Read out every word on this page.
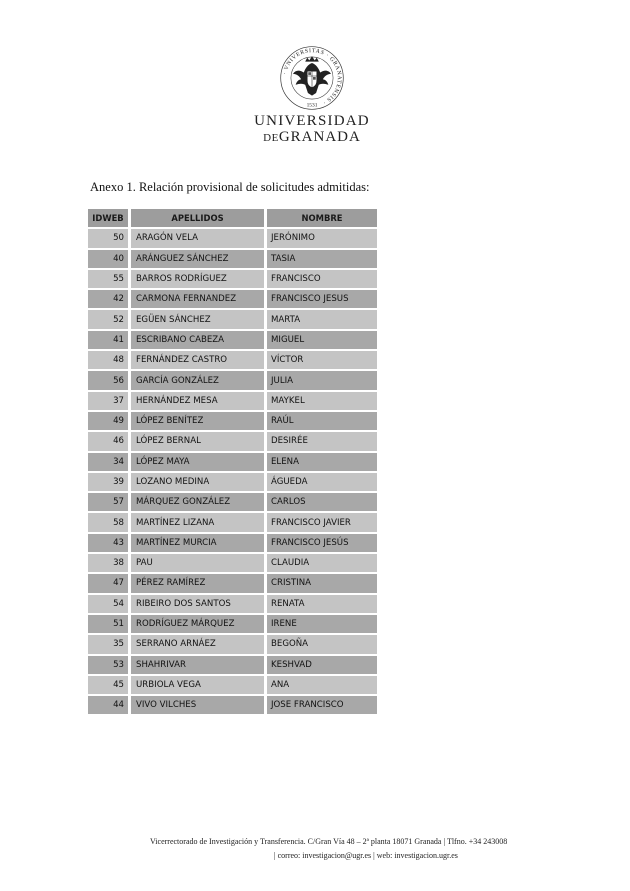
· VNIVERSITAS · GRANATENSIS ·
1531
UNIVERSIDAD
DEGRANADA
Anexo 1. Relación provisional de solicitudes admitidas:
IDWEB	APELLIDOS	NOMBRE
50	ARAGÓN VELA	JERÓNIMO
40	ARÁNGUEZ SÁNCHEZ	TASIA
55	BARROS RODRÍGUEZ	FRANCISCO
42	CARMONA FERNANDEZ	FRANCISCO JESUS
52	EGÜEN SÁNCHEZ	MARTA
41	ESCRIBANO CABEZA	MIGUEL
48	FERNÁNDEZ CASTRO	VÍCTOR
56	GARCÍA GONZÁLEZ	JULIA
37	HERNÁNDEZ MESA	MAYKEL
49	LÓPEZ BENÍTEZ	RAÚL
46	LÓPEZ BERNAL	DESIRÉE
34	LÓPEZ MAYA	ELENA
39	LOZANO MEDINA	ÁGUEDA
57	MÁRQUEZ GONZÁLEZ	CARLOS
58	MARTÍNEZ LIZANA	FRANCISCO JAVIER
43	MARTÍNEZ MURCIA	FRANCISCO JESÚS
38	PAU	CLAUDIA
47	PÉREZ RAMÍREZ	CRISTINA
54	RIBEIRO DOS SANTOS	RENATA
51	RODRÍGUEZ MÁRQUEZ	IRENE
35	SERRANO ARNÁEZ	BEGOÑA
53	SHAHRIVAR	KESHVAD
45	URBIOLA VEGA	ANA
44	VIVO VILCHES	JOSE FRANCISCO
Vicerrectorado de Investigación y Transferencia. C/Gran Vía 48 – 2ª planta 18071 Granada | Tlfno. +34 243008
| correo: investigacion@ugr.es | web: investigacion.ugr.es
